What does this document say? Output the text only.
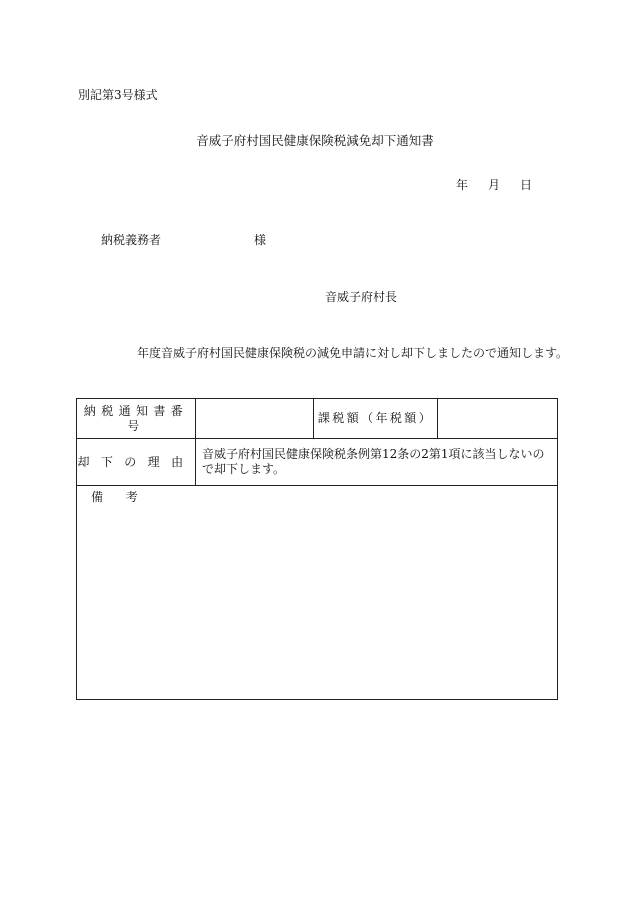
別記第3号様式
音威子府村国民健康保険税減免却下通知書
年 月 日
納税義務者	様
音威子府村長
年度音威子府村国民健康保険税の減免申請に対し却下しましたので通知します。
納税通知書番号		課税額（年税額）	
却下の理由	音威子府村国民健康保険税条例第12条の2第1項に該当しないので却下します。		
備考			
